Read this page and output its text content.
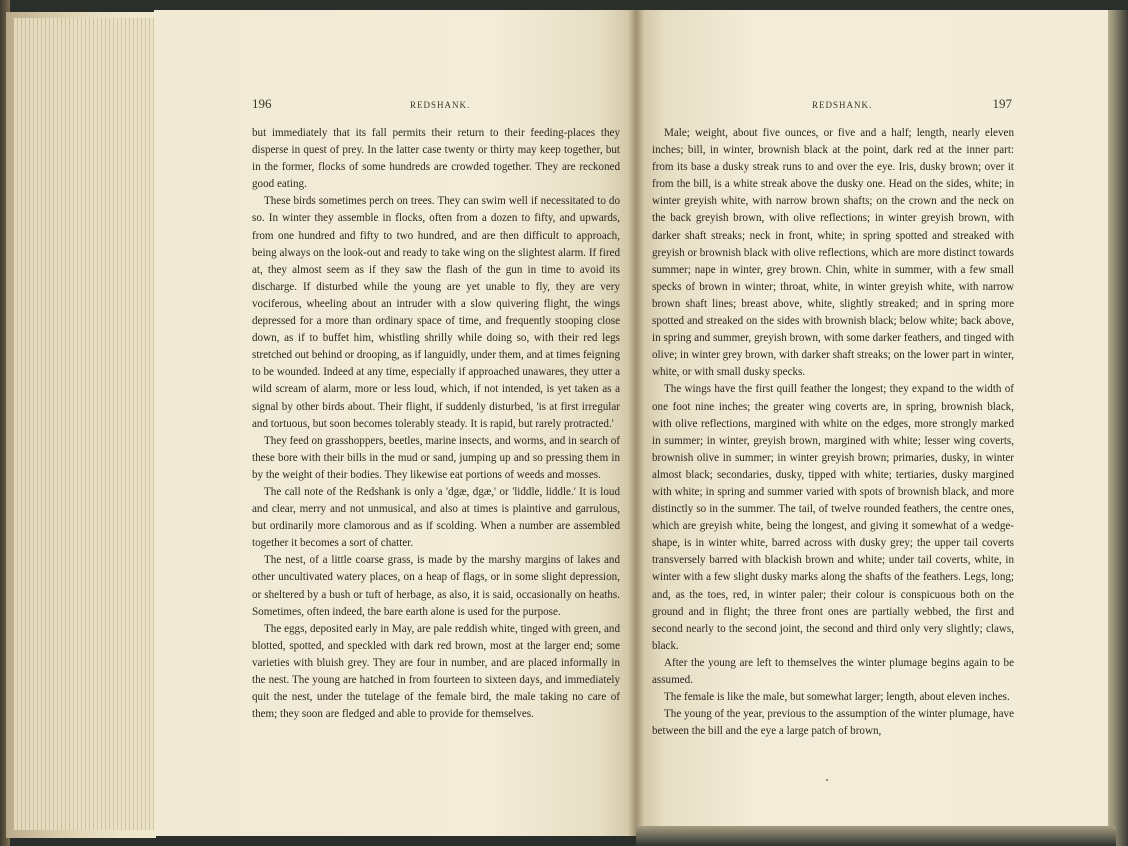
196	REDSHANK.	REDSHANK.	197

but immediately that its fall permits their return to their feeding-places they disperse in quest of prey. In the latter case twenty or thirty may keep together, but in the former, flocks of some hundreds are crowded together. They are reckoned good eating.

These birds sometimes perch on trees. They can swim well if necessitated to do so. In winter they assemble in flocks, often from a dozen to fifty, and upwards, from one hundred and fifty to two hundred, and are then difficult to approach, being always on the look-out and ready to take wing on the slightest alarm. If fired at, they almost seem as if they saw the flash of the gun in time to avoid its discharge. If disturbed while the young are yet unable to fly, they are very vociferous, wheeling about an intruder with a slow quivering flight, the wings depressed for a more than ordinary space of time, and frequently stooping close down, as if to buffet him, whistling shrilly while doing so, with their red legs stretched out behind or drooping, as if languidly, under them, and at times feigning to be wounded. Indeed at any time, especially if approached unawares, they utter a wild scream of alarm, more or less loud, which, if not intended, is yet taken as a signal by other birds about. Their flight, if suddenly disturbed, 'is at first irregular and tortuous, but soon becomes tolerably steady. It is rapid, but rarely protracted.'

They feed on grasshoppers, beetles, marine insects, and worms, and in search of these bore with their bills in the mud or sand, jumping up and so pressing them in by the weight of their bodies. They likewise eat portions of weeds and mosses.

The call note of the Redshank is only a 'dgæ, dgæ,' or 'liddle, liddle.' It is loud and clear, merry and not unmusical, and also at times is plaintive and garrulous, but ordinarily more clamorous and as if scolding. When a number are assembled together it becomes a sort of chatter.

The nest, of a little coarse grass, is made by the marshy margins of lakes and other uncultivated watery places, on a heap of flags, or in some slight depression, or sheltered by a bush or tuft of herbage, as also, it is said, occasionally on heaths. Sometimes, often indeed, the bare earth alone is used for the purpose.

The eggs, deposited early in May, are pale reddish white, tinged with green, and blotted, spotted, and speckled with dark red brown, most at the larger end; some varieties with bluish grey. They are four in number, and are placed informally in the nest. The young are hatched in from fourteen to sixteen days, and immediately quit the nest, under the tutelage of the female bird, the male taking no care of them; they soon are fledged and able to provide for themselves.

Male; weight, about five ounces, or five and a half; length, nearly eleven inches; bill, in winter, brownish black at the point, dark red at the inner part: from its base a dusky streak runs to and over the eye. Iris, dusky brown; over it from the bill, is a white streak above the dusky one. Head on the sides, white; in winter greyish white, with narrow brown shafts; on the crown and the neck on the back greyish brown, with olive reflections; in winter greyish brown, with darker shaft streaks; neck in front, white; in spring spotted and streaked with greyish or brownish black with olive reflections, which are more distinct towards summer; nape in winter, grey brown. Chin, white in summer, with a few small specks of brown in winter; throat, white, in winter greyish white, with narrow brown shaft lines; breast above, white, slightly streaked; and in spring more spotted and streaked on the sides with brownish black; below white; back above, in spring and summer, greyish brown, with some darker feathers, and tinged with olive; in winter grey brown, with darker shaft streaks; on the lower part in winter, white, or with small dusky specks.

The wings have the first quill feather the longest; they expand to the width of one foot nine inches; the greater wing coverts are, in spring, brownish black, with olive reflections, margined with white on the edges, more strongly marked in summer; in winter, greyish brown, margined with white; lesser wing coverts, brownish olive in summer; in winter greyish brown; primaries, dusky, in winter almost black; secondaries, dusky, tipped with white; tertiaries, dusky margined with white; in spring and summer varied with spots of brownish black, and more distinctly so in the summer. The tail, of twelve rounded feathers, the centre ones, which are greyish white, being the longest, and giving it somewhat of a wedge-shape, is in winter white, barred across with dusky grey; the upper tail coverts transversely barred with blackish brown and white; under tail coverts, white, in winter with a few slight dusky marks along the shafts of the feathers. Legs, long; and, as the toes, red, in winter paler; their colour is conspicuous both on the ground and in flight; the three front ones are partially webbed, the first and second nearly to the second joint, the second and third only very slightly; claws, black.

After the young are left to themselves the winter plumage begins again to be assumed.

The female is like the male, but somewhat larger; length, about eleven inches.

The young of the year, previous to the assumption of the winter plumage, have between the bill and the eye a large patch of brown,
